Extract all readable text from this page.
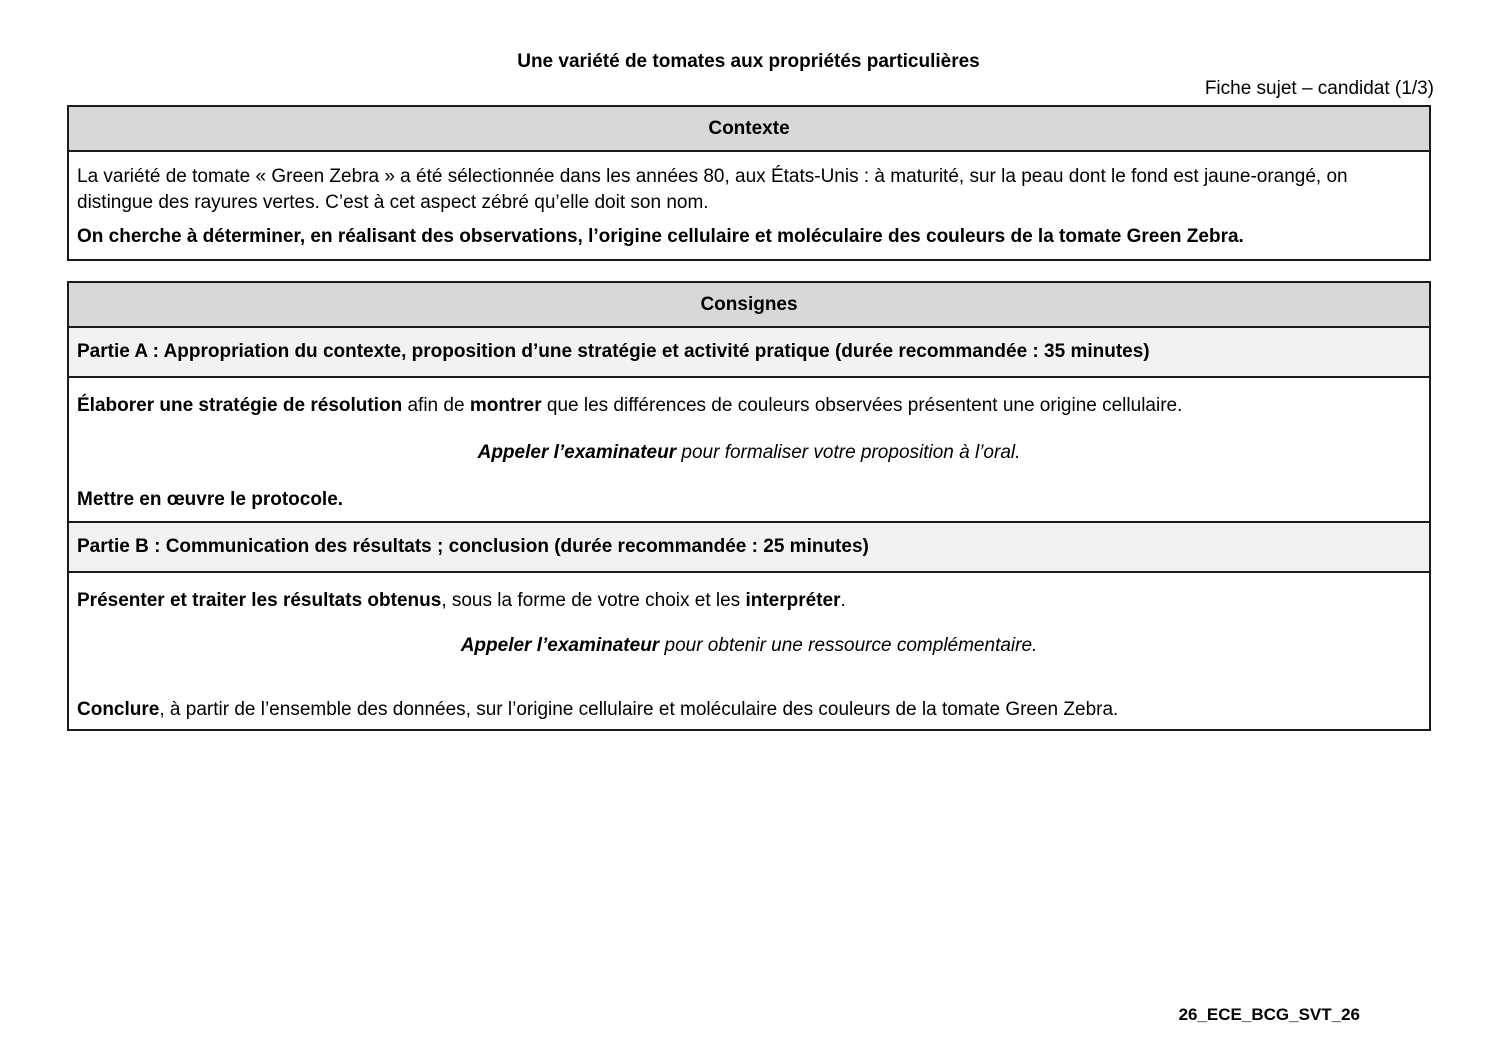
Une variété de tomates aux propriétés particulières
Fiche sujet – candidat (1/3)
Contexte

La variété de tomate « Green Zebra » a été sélectionnée dans les années 80, aux États-Unis : à maturité, sur la peau dont le fond est jaune-orangé, on distingue des rayures vertes. C’est à cet aspect zébré qu’elle doit son nom.

On cherche à déterminer, en réalisant des observations, l’origine cellulaire et moléculaire des couleurs de la tomate Green Zebra.

Consignes
Partie A : Appropriation du contexte, proposition d’une stratégie et activité pratique (durée recommandée : 35 minutes)

Élaborer une stratégie de résolution afin de montrer que les différences de couleurs observées présentent une origine cellulaire.

Appeler l’examinateur pour formaliser votre proposition à l’oral.

Mettre en œuvre le protocole.

Partie B : Communication des résultats ; conclusion (durée recommandée : 25 minutes)

Présenter et traiter les résultats obtenus, sous la forme de votre choix et les interpréter.

Appeler l’examinateur pour obtenir une ressource complémentaire.

Conclure, à partir de l’ensemble des données, sur l’origine cellulaire et moléculaire des couleurs de la tomate Green Zebra.

26_ECE_BCG_SVT_26
